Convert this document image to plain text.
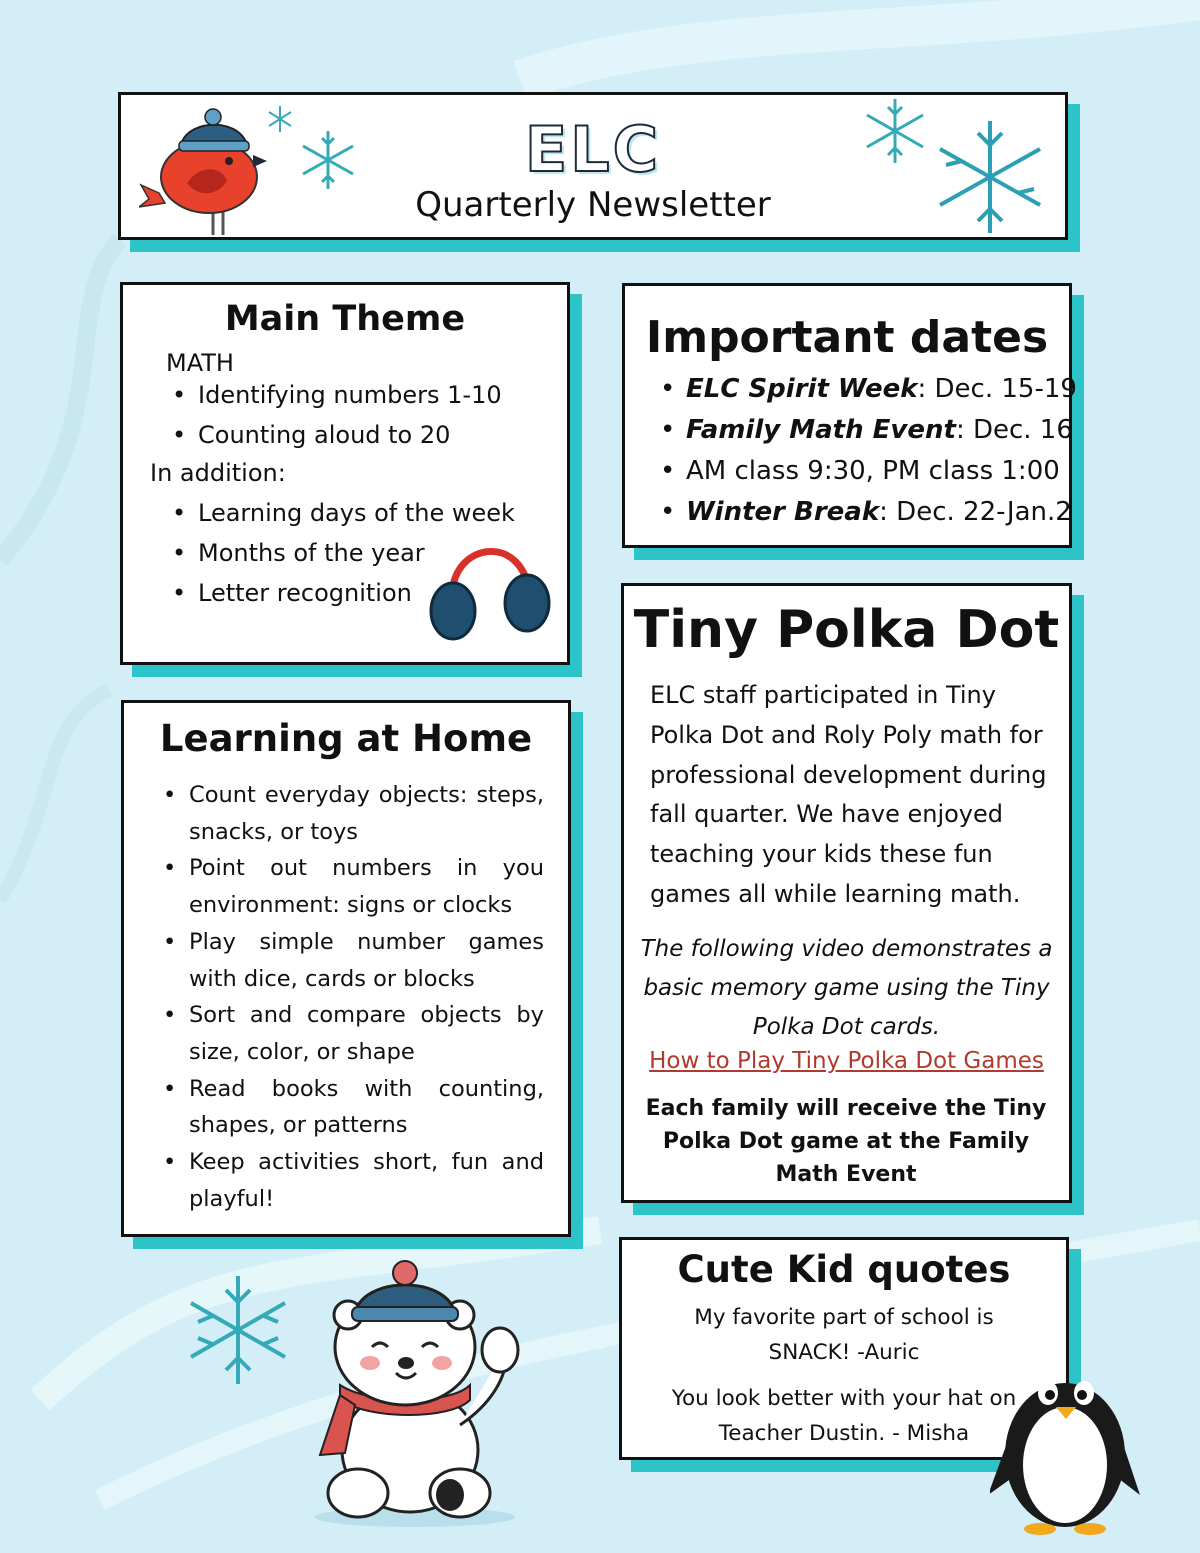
ELC
Quarterly Newsletter
Main Theme
MATH
• Identifying numbers 1-10
• Counting aloud to 20
In addition:
• Learning days of the week
• Months of the year
• Letter recognition
Important dates
• ELC Spirit Week: Dec. 15-19
• Family Math Event: Dec. 16
• AM class 9:30, PM class 1:00
• Winter Break: Dec. 22-Jan.2
Tiny Polka Dot
ELC staff participated in Tiny Polka Dot and Roly Poly math for professional development during fall quarter. We have enjoyed teaching your kids these fun games all while learning math.
The following video demonstrates a basic memory game using the Tiny Polka Dot cards.
How to Play Tiny Polka Dot Games
Each family will receive the Tiny Polka Dot game at the Family Math Event
Learning at Home
• Count everyday objects: steps, snacks, or toys
• Point out numbers in you environment: signs or clocks
• Play simple number games with dice, cards or blocks
• Sort and compare objects by size, color, or shape
• Read books with counting, shapes, or patterns
• Keep activities short, fun and playful!
Cute Kid quotes
My favorite part of school is SNACK! -Auric
You look better with your hat on Teacher Dustin. - Misha
